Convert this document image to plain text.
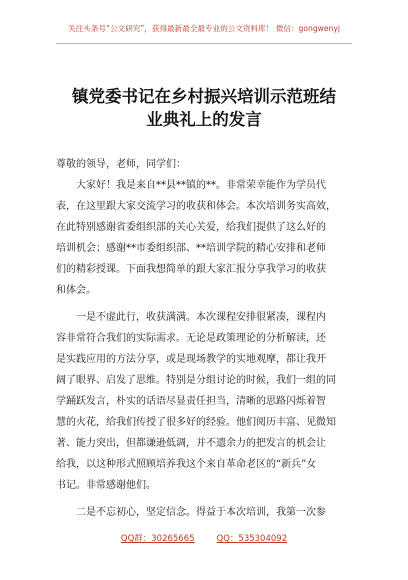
关注头条号“公文研究”，获得最新最全最专业的公文资料库！ 微信：gongwenyj
镇党委书记在乡村振兴培训示范班结
业典礼上的发言
尊敬的领导，老师，同学们：
大家好！我是来自**县**镇的**。非常荣幸能作为学员代
表，在这里跟大家交流学习的收获和体会。本次培训务实高效，
在此特别感谢省委组织部的关心关爱，给我们提供了这么好的
培训机会；感谢**市委组织部、**培训学院的精心安排和老师
们的精彩授课。下面我想简单的跟大家汇报分享我学习的收获
和体会。
一是不虚此行，收获满满。本次课程安排很紧凑，课程内
容非常符合我们的实际需求。无论是政策理论的分析解读，还
是实践应用的方法分享，或是现场教学的实地观摩，都让我开
阔了眼界、启发了思维。特别是分组讨论的时候，我们一组的同
学踊跃发言，朴实的话语尽显责任担当，清晰的思路闪烁着智
慧的火花，给我们传授了很多好的经验。他们阅历丰富、见微知
著、能力突出，但都谦逊低调，并不遗余力的把发言的机会让
给我，以这种形式照顾培养我这个来自革命老区的“新兵”女
书记。非常感谢他们。
二是不忘初心，坚定信念。得益于本次培训，我第一次参
QQ群：30265665	QQ：535304092
